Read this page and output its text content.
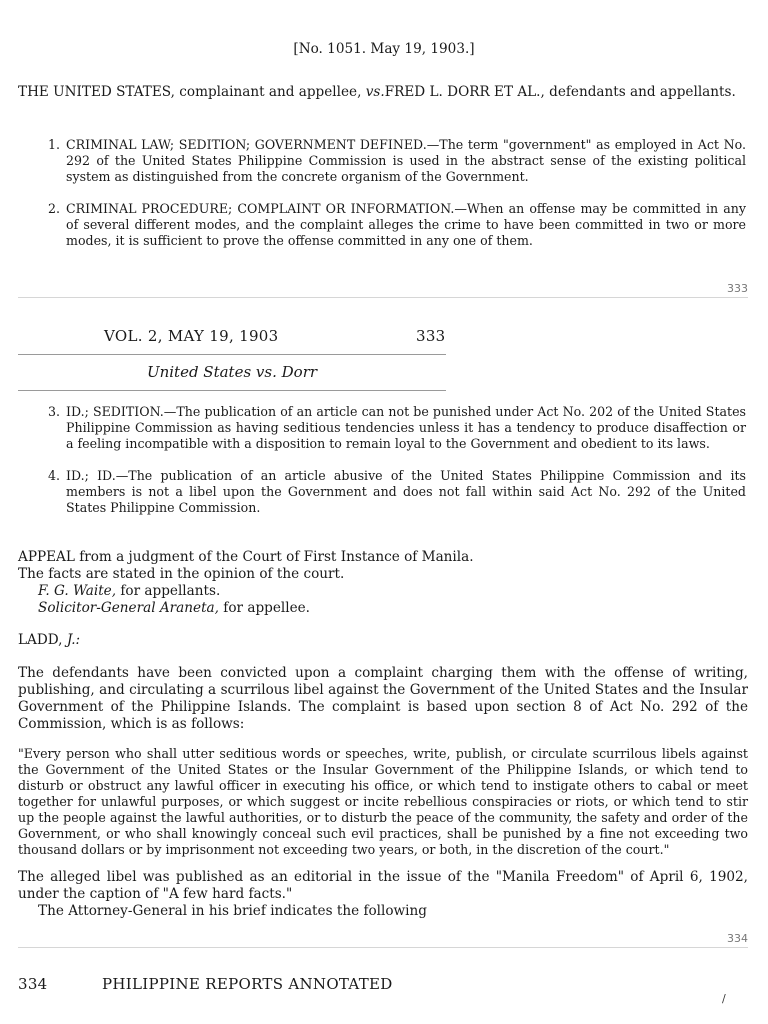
[No. 1051. May 19, 1903.]
THE UNITED STATES, complainant and appellee, vs.FRED L. DORR ET AL., defendants and appellants.
1. CRIMINAL LAW; SEDITION; GOVERNMENT DEFINED.—The term "government" as employed in Act No. 292 of the United States Philippine Commission is used in the abstract sense of the existing political system as distinguished from the concrete organism of the Government.
2. CRIMINAL PROCEDURE; COMPLAINT OR INFORMATION.—When an offense may be committed in any of several different modes, and the complaint alleges the crime to have been committed in two or more modes, it is sufficient to prove the offense committed in any one of them.
333
VOL. 2, MAY 19, 1903	333
United States vs. Dorr
3. ID.; SEDITION.—The publication of an article can not be punished under Act No. 202 of the United States Philippine Commission as having seditious tendencies unless it has a tendency to produce disaffection or a feeling incompatible with a disposition to remain loyal to the Government and obedient to its laws.
4. ID.; ID.—The publication of an article abusive of the United States Philippine Commission and its members is not a libel upon the Government and does not fall within said Act No. 292 of the United States Philippine Commission.
APPEAL from a judgment of the Court of First Instance of Manila.
The facts are stated in the opinion of the court.
F. G. Waite, for appellants.
Solicitor-General Araneta, for appellee.
LADD, J.:
The defendants have been convicted upon a complaint charging them with the offense of writing, publishing, and circulating a scurrilous libel against the Government of the United States and the Insular Government of the Philippine Islands. The complaint is based upon section 8 of Act No. 292 of the Commission, which is as follows:
"Every person who shall utter seditious words or speeches, write, publish, or circulate scurrilous libels against the Government of the United States or the Insular Government of the Philippine Islands, or which tend to disturb or obstruct any lawful officer in executing his office, or which tend to instigate others to cabal or meet together for unlawful purposes, or which suggest or incite rebellious conspiracies or riots, or which tend to stir up the people against the lawful authorities, or to disturb the peace of the community, the safety and order of the Government, or who shall knowingly conceal such evil practices, shall be punished by a fine not exceeding two thousand dollars or by imprisonment not exceeding two years, or both, in the discretion of the court."
The alleged libel was published as an editorial in the issue of the "Manila Freedom" of April 6, 1902, under the caption of "A few hard facts."
The Attorney-General in his brief indicates the following
334
334	PHILIPPINE REPORTS ANNOTATED
/
